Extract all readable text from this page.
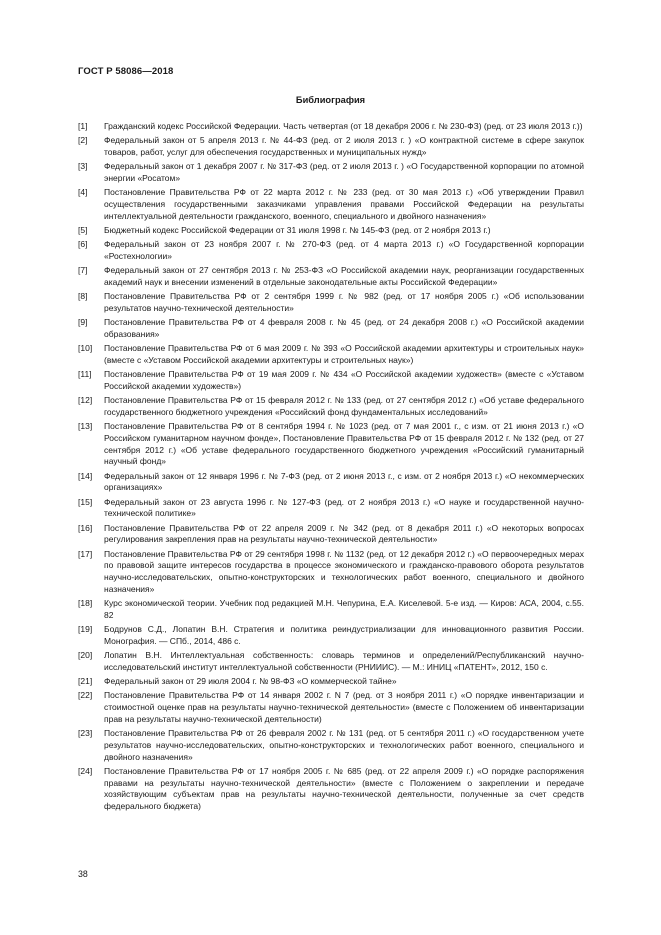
ГОСТ Р 58086—2018
Библиография
[1]	Гражданский кодекс Российской Федерации. Часть четвертая (от 18 декабря 2006 г. № 230-ФЗ) (ред. от 23 июля 2013 г.))
[2]	Федеральный закон от 5 апреля 2013 г. № 44-ФЗ (ред. от 2 июля 2013 г. ) «О контрактной системе в сфере закупок товаров, работ, услуг для обеспечения государственных и муниципальных нужд»
[3]	Федеральный закон от 1 декабря 2007 г. № 317-ФЗ (ред. от 2 июля 2013 г. ) «О Государственной корпорации по атомной энергии «Росатом»
[4]	Постановление Правительства РФ от 22 марта 2012 г. № 233 (ред. от 30 мая 2013 г.) «Об утверждении Правил осуществления государственными заказчиками управления правами Российской Федерации на результаты интеллектуальной деятельности гражданского, военного, специального и двойного назначения»
[5]	Бюджетный кодекс Российской Федерации от 31 июля 1998 г. № 145-ФЗ (ред. от 2 ноября 2013 г.)
[6]	Федеральный закон от 23 ноября 2007 г. № 270-ФЗ (ред. от 4 марта 2013 г.) «О Государственной корпорации «Ростехнологии»
[7]	Федеральный закон от 27 сентября 2013 г. № 253-ФЗ «О Российской академии наук, реорганизации государственных академий наук и внесении изменений в отдельные законодательные акты Российской Федерации»
[8]	Постановление Правительства РФ от 2 сентября 1999 г. № 982 (ред. от 17 ноября 2005 г.) «Об использовании результатов научно-технической деятельности»
[9]	Постановление Правительства РФ от 4 февраля 2008 г. № 45 (ред. от 24 декабря 2008 г.) «О Российской академии образования»
[10]	Постановление Правительства РФ от 6 мая 2009 г. № 393 «О Российской академии архитектуры и строительных наук» (вместе с «Уставом Российской академии архитектуры и строительных наук»)
[11]	Постановление Правительства РФ от 19 мая 2009 г. № 434 «О Российской академии художеств» (вместе с «Уставом Российской академии художеств»)
[12]	Постановление Правительства РФ от 15 февраля 2012 г. № 133 (ред. от 27 сентября 2012 г.) «Об уставе федерального государственного бюджетного учреждения «Российский фонд фундаментальных исследований»
[13]	Постановление Правительства РФ от 8 сентября 1994 г. № 1023 (ред. от 7 мая 2001 г., с изм. от 21 июня 2013 г.) «О Российском гуманитарном научном фонде», Постановление Правительства РФ от 15 февраля 2012 г. № 132 (ред. от 27 сентября 2012 г.) «Об уставе федерального государственного бюджетного учреждения «Российский гуманитарный научный фонд»
[14]	Федеральный закон от 12 января 1996 г. № 7-ФЗ (ред. от 2 июня 2013 г., с изм. от 2 ноября 2013 г.) «О некоммерческих организациях»
[15]	Федеральный закон от 23 августа 1996 г. № 127-ФЗ (ред. от 2 ноября 2013 г.) «О науке и государственной научно-технической политике»
[16]	Постановление Правительства РФ от 22 апреля 2009 г. № 342 (ред. от 8 декабря 2011 г.) «О некоторых вопросах регулирования закрепления прав на результаты научно-технической деятельности»
[17]	Постановление Правительства РФ от 29 сентября 1998 г. № 1132 (ред. от 12 декабря 2012 г.) «О первоочередных мерах по правовой защите интересов государства в процессе экономического и гражданско-правового оборота результатов научно-исследовательских, опытно-конструкторских и технологических работ военного, специального и двойного назначения»
[18]	Курс экономической теории. Учебник под редакцией М.Н. Чепурина, Е.А. Киселевой. 5-е изд. — Киров: АСА, 2004, с.55. 82
[19]	Бодрунов С.Д., Лопатин В.Н. Стратегия и политика реиндустриализации для инновационного развития России. Монография. — СПб., 2014, 486 с.
[20]	Лопатин В.Н. Интеллектуальная собственность: словарь терминов и определений/Республиканский научно-исследовательский институт интеллектуальной собственности (РНИИИС). — М.: ИНИЦ «ПАТЕНТ», 2012, 150 с.
[21]	Федеральный закон от 29 июля 2004 г. № 98-ФЗ «О коммерческой тайне»
[22]	Постановление Правительства РФ от 14 января 2002 г. N 7 (ред. от 3 ноября 2011 г.) «О порядке инвентаризации и стоимостной оценке прав на результаты научно-технической деятельности» (вместе с Положением об инвентаризации прав на результаты научно-технической деятельности)
[23]	Постановление Правительства РФ от 26 февраля 2002 г. № 131 (ред. от 5 сентября 2011 г.) «О государственном учете результатов научно-исследовательских, опытно-конструкторских и технологических работ военного, специального и двойного назначения»
[24]	Постановление Правительства РФ от 17 ноября 2005 г. № 685 (ред. от 22 апреля 2009 г.) «О порядке распоряжения правами на результаты научно-технической деятельности» (вместе с Положением о закреплении и передаче хозяйствующим субъектам прав на результаты научно-технической деятельности, полученные за счет средств федерального бюджета)
38
